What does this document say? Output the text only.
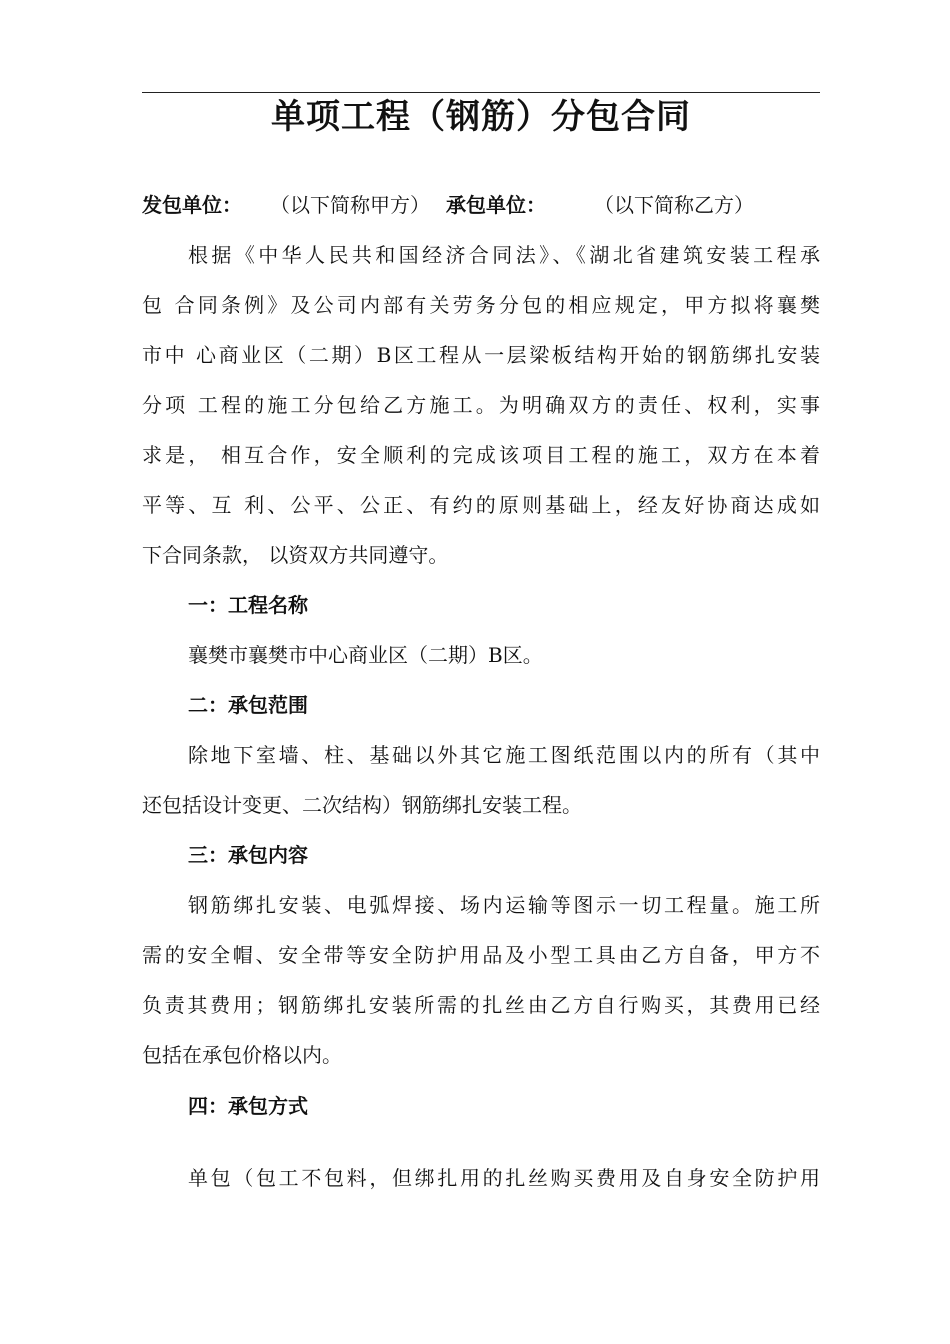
单项工程（钢筋）分包合同
发包单位： （以下简称甲方） 承包单位： （以下简称乙方）
根据《中华人民共和国经济合同法》、《湖北省建筑安装工程承
包 合同条例》及公司内部有关劳务分包的相应规定，甲方拟将襄樊
市中 心商业区（二期）B区工程从一层梁板结构开始的钢筋绑扎安装
分项 工程的施工分包给乙方施工。为明确双方的责任、权利，实事
求是， 相互合作，安全顺利的完成该项目工程的施工，双方在本着
平等、互 利、公平、公正、有约的原则基础上，经友好协商达成如
下合同条款， 以资双方共同遵守。
一：工程名称
襄樊市襄樊市中心商业区（二期）B区。
二：承包范围
除地下室墙、柱、基础以外其它施工图纸范围以内的所有（其中
还包括设计变更、二次结构）钢筋绑扎安装工程。
三：承包内容
钢筋绑扎安装、电弧焊接、场内运输等图示一切工程量。施工所
需的安全帽、安全带等安全防护用品及小型工具由乙方自备，甲方不
负责其费用；钢筋绑扎安装所需的扎丝由乙方自行购买，其费用已经
包括在承包价格以内。
四：承包方式
单包（包工不包料，但绑扎用的扎丝购买费用及自身安全防护用
